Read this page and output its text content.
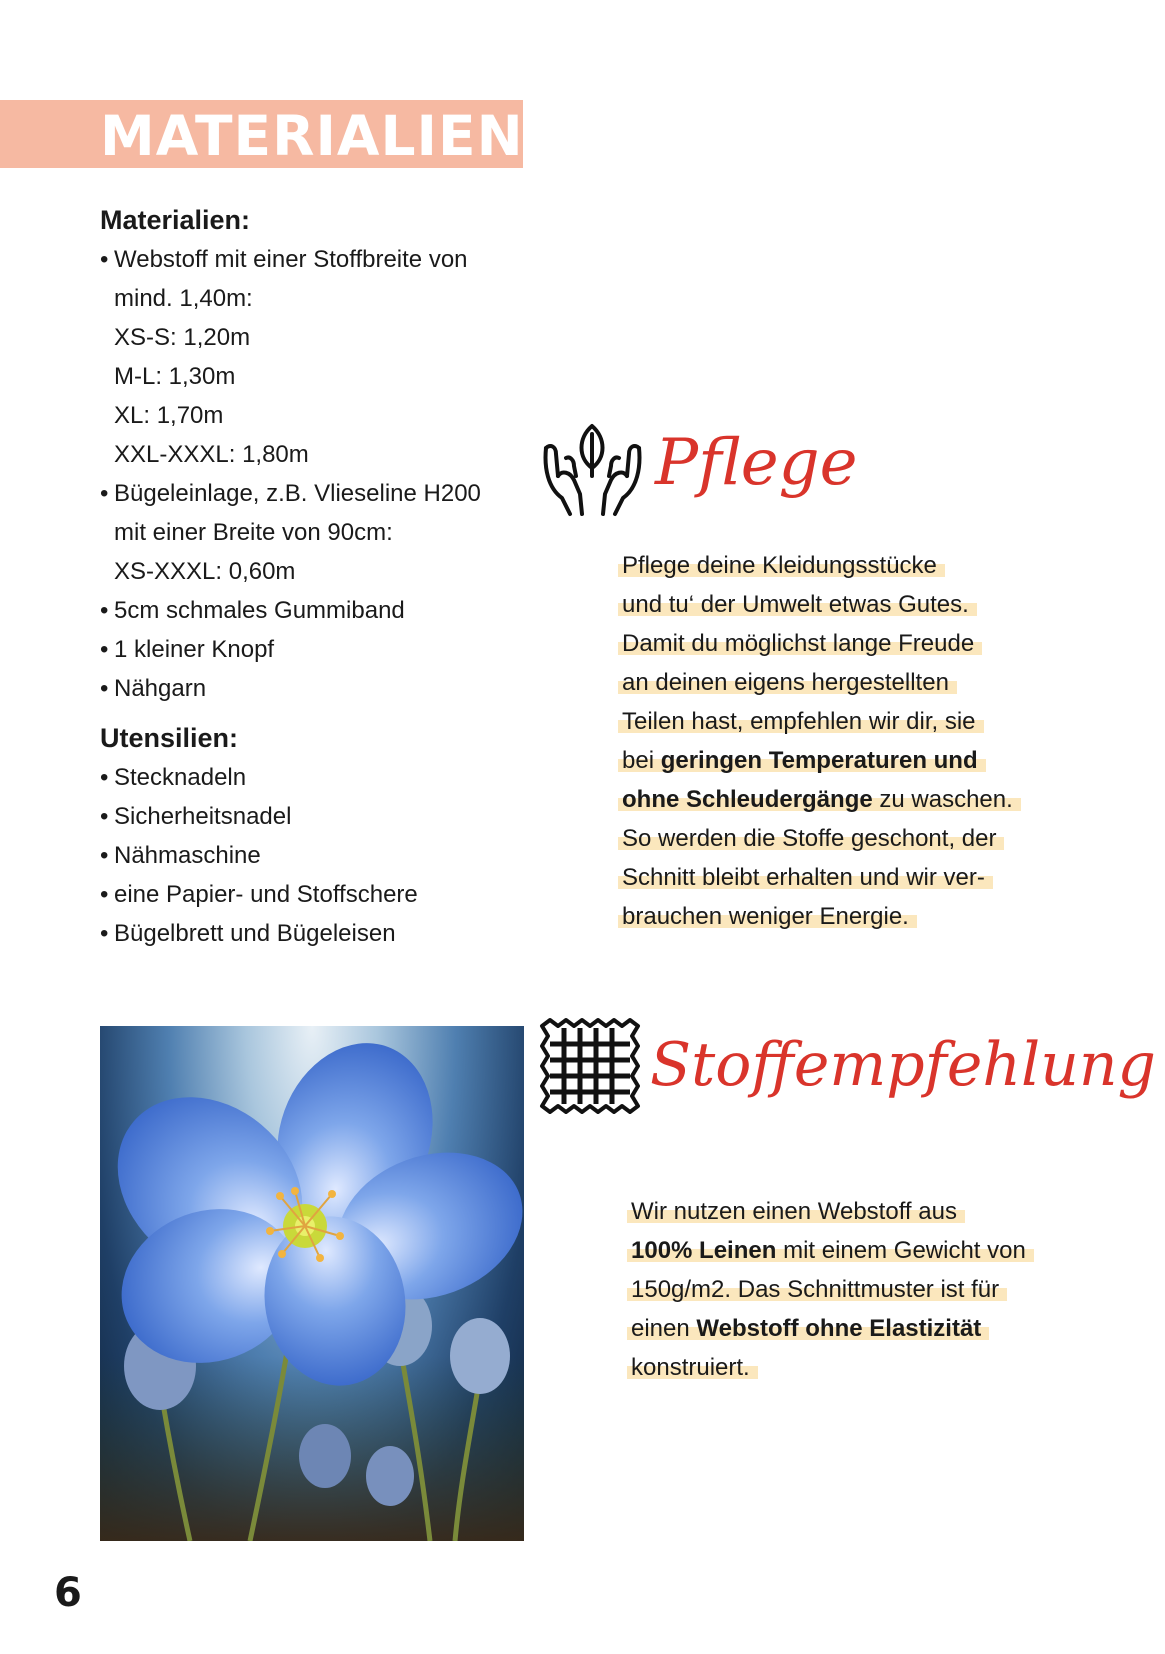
MATERIALIEN
Materialien:
• Webstoff mit einer Stoffbreite von
mind. 1,40m:
XS-S: 1,20m
M-L: 1,30m
XL: 1,70m
XXL-XXXL: 1,80m
• Bügeleinlage, z.B. Vlieseline H200
mit einer Breite von 90cm:
XS-XXXL: 0,60m
• 5cm schmales Gummiband
• 1 kleiner Knopf
• Nähgarn
Utensilien:
• Stecknadeln
• Sicherheitsnadel
• Nähmaschine
• eine Papier- und Stoffschere
• Bügelbrett und Bügeleisen
Pflege
Pflege deine Kleidungsstücke
und tu‘ der Umwelt etwas Gutes.
Damit du möglichst lange Freude
an deinen eigens hergestellten
Teilen hast, empfehlen wir dir, sie
bei geringen Temperaturen und
ohne Schleudergänge zu waschen.
So werden die Stoffe geschont, der
Schnitt bleibt erhalten und wir ver-
brauchen weniger Energie.
Stoffempfehlung
Wir nutzen einen Webstoff aus
100% Leinen mit einem Gewicht von
150g/m2. Das Schnittmuster ist für
einen Webstoff ohne Elastizität
konstruiert.
6
